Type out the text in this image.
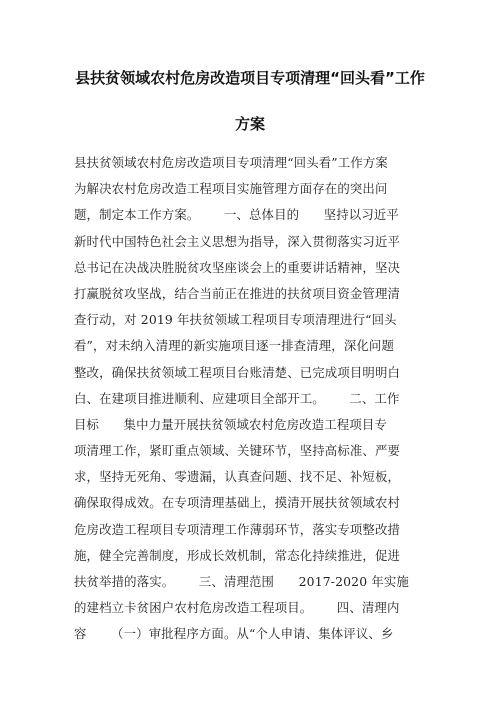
县扶贫领域农村危房改造项目专项清理“回头看”工作
方案
县扶贫领域农村危房改造项目专项清理“回头看”工作方案
为解决农村危房改造工程项目实施管理方面存在的突出问
题，制定本工作方案。      一、总体目的      坚持以习近平
新时代中国特色社会主义思想为指导，深入贯彻落实习近平
总书记在决战决胜脱贫攻坚座谈会上的重要讲话精神，坚决
打赢脱贫攻坚战，结合当前正在推进的扶贫项目资金管理清
查行动，对 2019 年扶贫领域工程项目专项清理进行“回头
看”，对未纳入清理的新实施项目逐一排查清理，深化问题
整改，确保扶贫领域工程项目台账清楚、已完成项目明明白
白、在建项目推进顺利、应建项目全部开工。      二、工作
目标      集中力量开展扶贫领域农村危房改造工程项目专
项清理工作，紧盯重点领域、关键环节，坚持高标准、严要
求，坚持无死角、零遗漏，认真查问题、找不足、补短板，
确保取得成效。在专项清理基础上，摸清开展扶贫领域农村
危房改造工程项目专项清理工作薄弱环节，落实专项整改措
施，健全完善制度，形成长效机制，常态化持续推进，促进
扶贫举措的落实。      三、清理范围      2017-2020 年实施
的建档立卡贫困户农村危房改造工程项目。      四、清理内
容      （一）审批程序方面。从“个人申请、集体评议、乡
